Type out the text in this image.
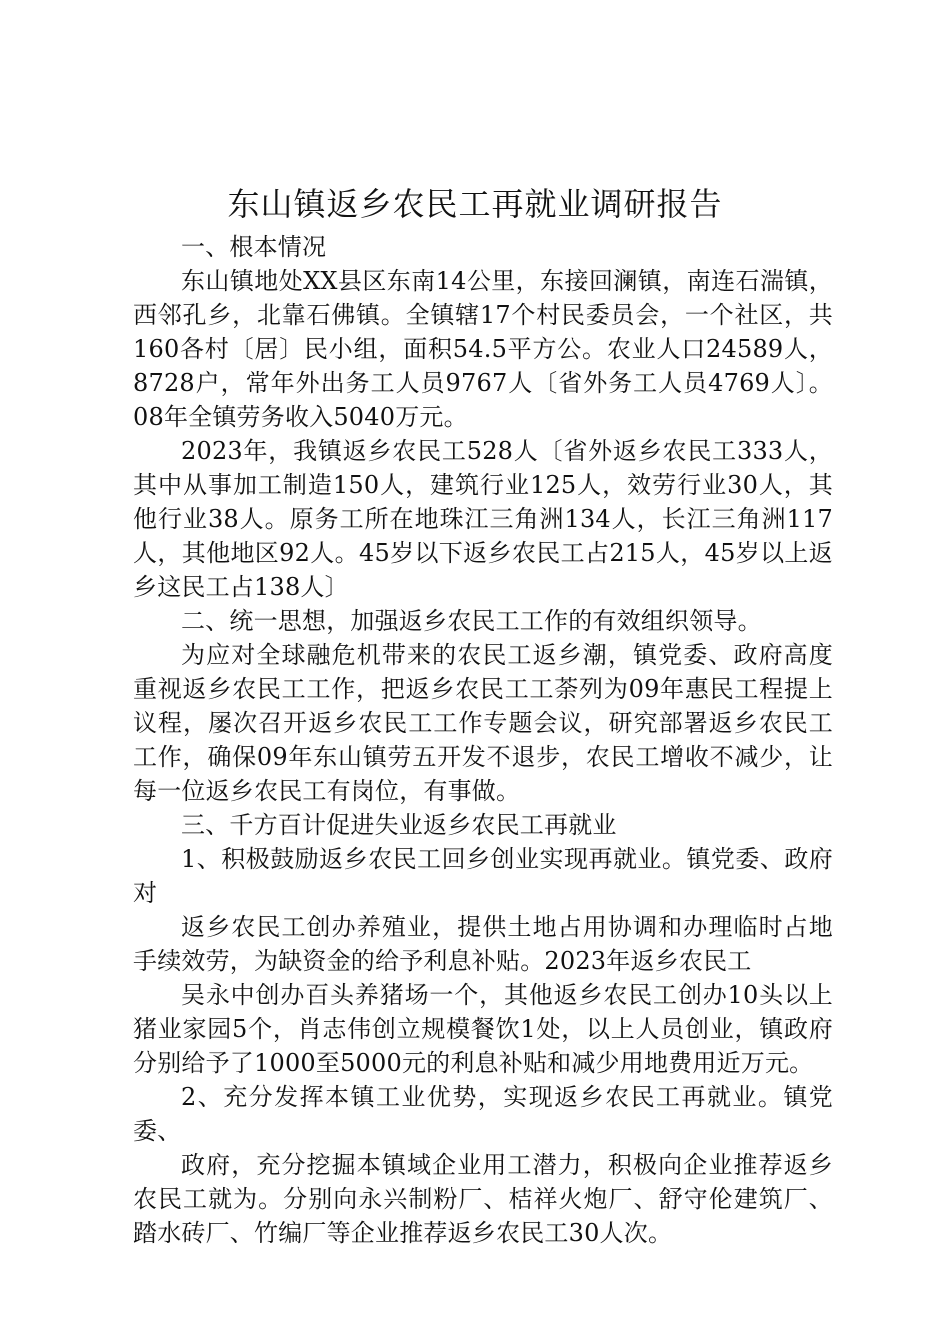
东山镇返乡农民工再就业调研报告

一、根本情况

东山镇地处XX县区东南14公里，东接回澜镇，南连石湍镇，西邻孔乡，北靠石佛镇。全镇辖17个村民委员会，一个社区，共160各村〔居〕民小组，面积54.5平方公。农业人口24589人，8728户，常年外出务工人员9767人〔省外务工人员4769人〕。08年全镇劳务收入5040万元。

2023年，我镇返乡农民工528人〔省外返乡农民工333人，其中从事加工制造150人，建筑行业125人，效劳行业30人，其他行业38人。原务工所在地珠江三角洲134人，长江三角洲117人，其他地区92人。45岁以下返乡农民工占215人，45岁以上返乡这民工占138人〕

二、统一思想，加强返乡农民工工作的有效组织领导。

为应对全球融危机带来的农民工返乡潮，镇党委、政府高度重视返乡农民工工作，把返乡农民工工荼列为09年惠民工程提上议程，屡次召开返乡农民工工作专题会议，研究部署返乡农民工工作，确保09年东山镇劳五开发不退步，农民工增收不减少，让每一位返乡农民工有岗位，有事做。

三、千方百计促进失业返乡农民工再就业

1、积极鼓励返乡农民工回乡创业实现再就业。镇党委、政府对

返乡农民工创办养殖业，提供土地占用协调和办理临时占地手续效劳，为缺资金的给予利息补贴。2023年返乡农民工

吴永中创办百头养猪场一个，其他返乡农民工创办10头以上猪业家园5个，肖志伟创立规模餐饮1处，以上人员创业，镇政府分别给予了1000至5000元的利息补贴和减少用地费用近万元。

2、充分发挥本镇工业优势，实现返乡农民工再就业。镇党委、

政府，充分挖掘本镇域企业用工潜力，积极向企业推荐返乡农民工就为。分别向永兴制粉厂、桔祥火炮厂、舒守伦建筑厂、踏水砖厂、竹编厂等企业推荐返乡农民工30人次。
